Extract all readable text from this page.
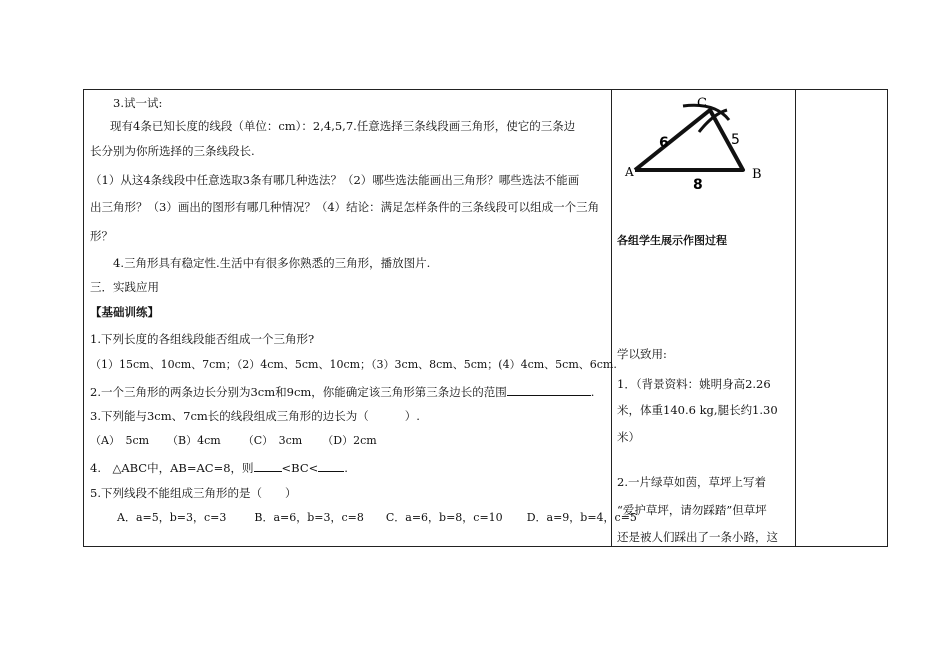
3.试一试:
现有4条已知长度的线段（单位：cm）：2,4,5,7.任意选择三条线段画三角形，使它的三条边
长分别为你所选择的三条线段长.
（1）从这4条线段中任意选取3条有哪几种选法？（2）哪些选法能画出三角形？哪些选法不能画
出三角形？（3）画出的图形有哪几种情况？（4）结论：满足怎样条件的三条线段可以组成一个三角
形？
4.三角形具有稳定性.生活中有很多你熟悉的三角形，播放图片.
三．实践应用
【基础训练】
1.下列长度的各组线段能否组成一个三角形?
（1）15cm、10cm、7cm；（2）4cm、5cm、10cm；（3）3cm、8cm、5cm；(4）4cm、5cm、6cm.
2.一个三角形的两条边长分别为3cm和9cm，你能确定该三角形第三条边长的范围	.
3.下列能与3cm、7cm长的线段组成三角形的边长为（	）.
（A）　5cm （B）4cm （C）　3cm （D）2cm
4.　△ABC中，AB=AC=8，则 <BC< .
5.下列线段不能组成三角形的是（　　）
A．a=5，b=3，c=3	B．a=6，b=3，c=8 C．a=6，b=8，c=10 D．a=9，b=4，c=5
C
A	B
6	5
8
各组学生展示作图过程
学以致用:
1．（背景资料：姚明身高2.26
米，体重140.6 kg,腿长约1.30
米）
2.一片绿草如茵，草坪上写着
“爱护草坪，请勿踩踏”但草坪
还是被人们踩出了一条小路，这
